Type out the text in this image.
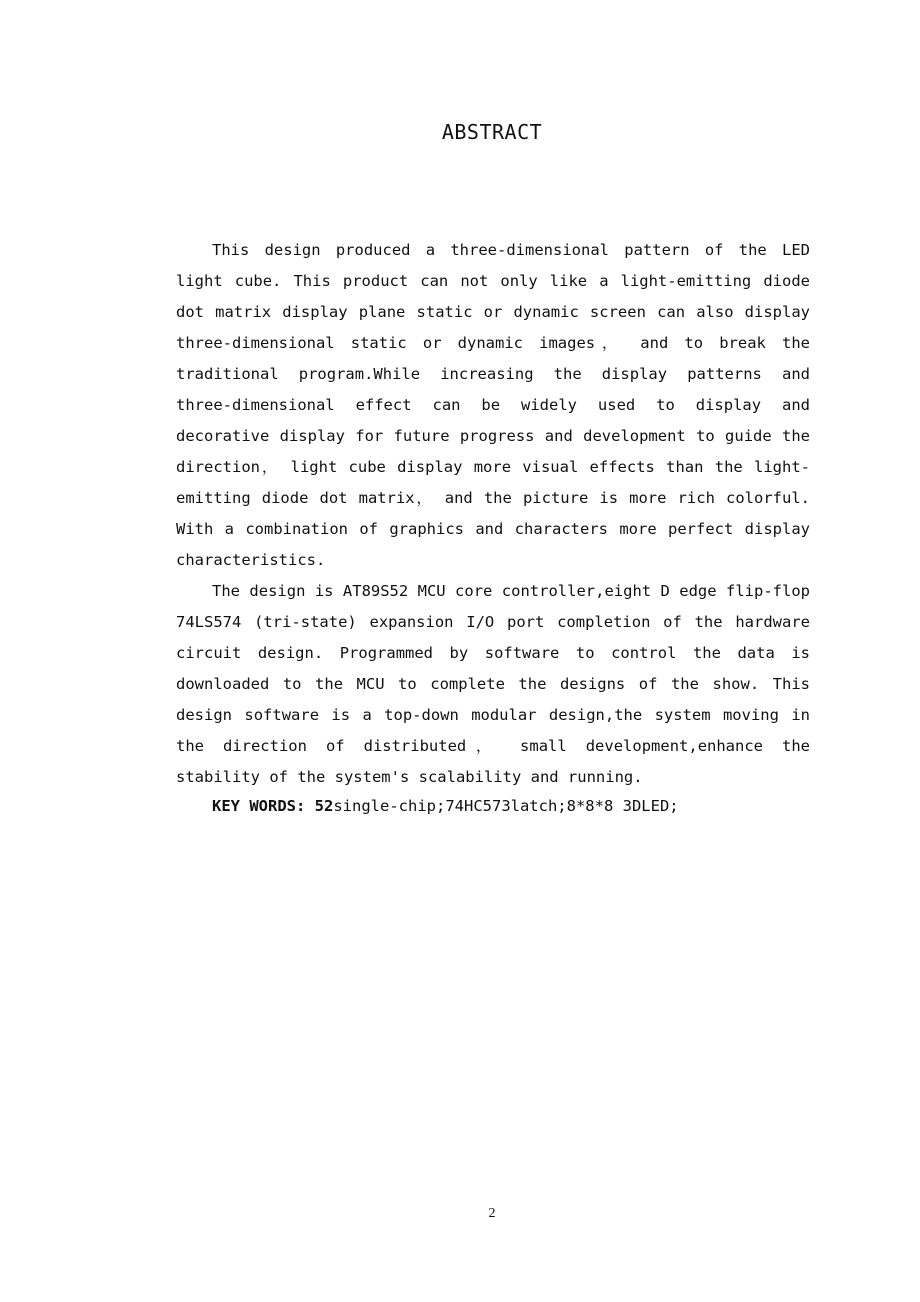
ABSTRACT

This design produced a three-dimensional pattern of the LED light cube. This product can not only like a light-emitting diode dot matrix display plane static or dynamic screen can also display three-dimensional static or dynamic images， and to break the traditional program.While increasing the display patterns and three-dimensional effect can be widely used to display and decorative display for future progress and development to guide the direction， light cube display more visual effects than the light-emitting diode dot matrix， and the picture is more rich colorful. With a combination of graphics and characters more perfect display characteristics.

The design is AT89S52 MCU core controller,eight D edge flip-flop 74LS574 (tri-state) expansion I/O port completion of the hardware circuit design. Programmed by software to control the data is downloaded to the MCU to complete the designs of the show. This design software is a top-down modular design,the system moving in the direction of distributed， small development,enhance the stability of the system's scalability and running.

KEY WORDS: 52single-chip;74HC573latch;8*8*8 3DLED;

2
